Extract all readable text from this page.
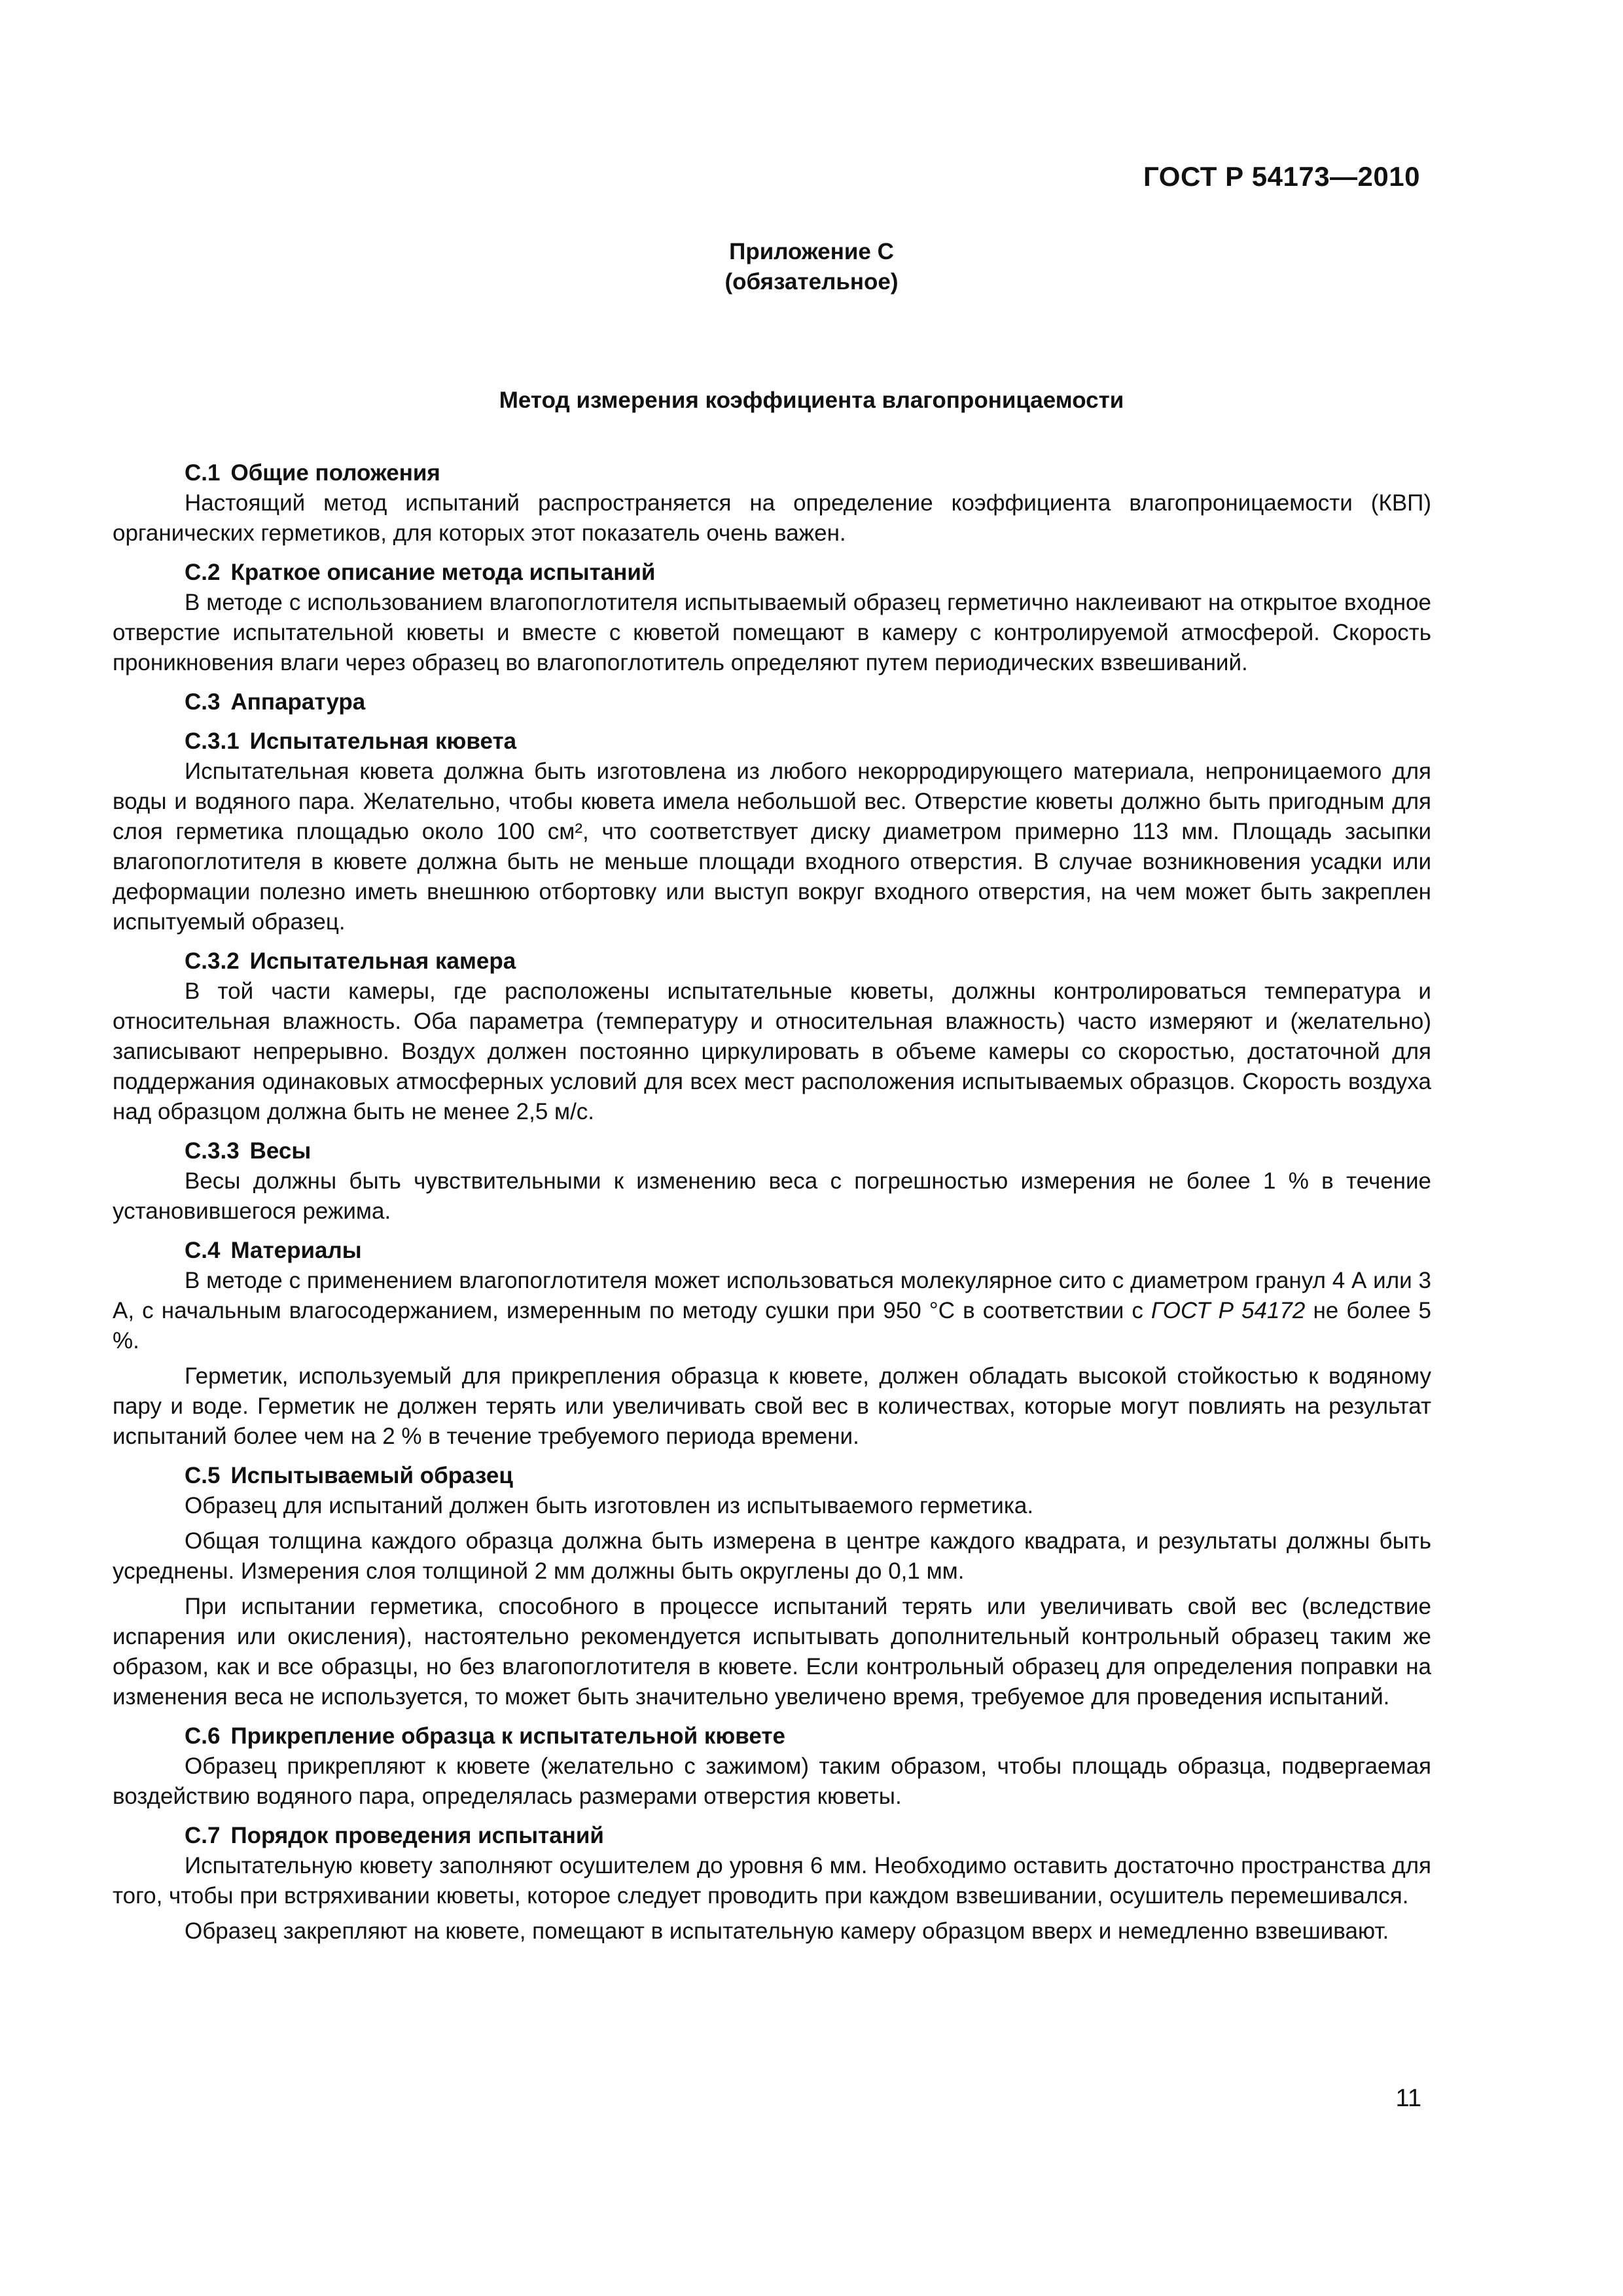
ГОСТ Р 54173—2010
Приложение С
(обязательное)
Метод измерения коэффициента влагопроницаемости

С.1 Общие положения

Настоящий метод испытаний распространяется на определение коэффициента влагопроницаемости (КВП) органических герметиков, для которых этот показатель очень важен.

С.2 Краткое описание метода испытаний

В методе с использованием влагопоглотителя испытываемый образец герметично наклеивают на открытое входное отверстие испытательной кюветы и вместе с кюветой помещают в камеру с контролируемой атмосферой. Скорость проникновения влаги через образец во влагопоглотитель определяют путем периодических взвешиваний.

С.3 Аппаратура

С.3.1 Испытательная кювета

Испытательная кювета должна быть изготовлена из любого некорродирующего материала, непроницаемого для воды и водяного пара. Желательно, чтобы кювета имела небольшой вес. Отверстие кюветы должно быть пригодным для слоя герметика площадью около 100 см², что соответствует диску диаметром примерно 113 мм. Площадь засыпки влагопоглотителя в кювете должна быть не меньше площади входного отверстия. В случае возникновения усадки или деформации полезно иметь внешнюю отбортовку или выступ вокруг входного отверстия, на чем может быть закреплен испытуемый образец.

С.3.2 Испытательная камера

В той части камеры, где расположены испытательные кюветы, должны контролироваться температура и относительная влажность. Оба параметра (температуру и относительная влажность) часто измеряют и (желательно) записывают непрерывно. Воздух должен постоянно циркулировать в объеме камеры со скоростью, достаточной для поддержания одинаковых атмосферных условий для всех мест расположения испытываемых образцов. Скорость воздуха над образцом должна быть не менее 2,5 м/с.

С.3.3 Весы

Весы должны быть чувствительными к изменению веса с погрешностью измерения не более 1 % в течение установившегося режима.

С.4 Материалы

В методе с применением влагопоглотителя может использоваться молекулярное сито с диаметром гранул 4 А или 3 А, с начальным влагосодержанием, измеренным по методу сушки при 950 °С в соответствии с ГОСТ Р 54172 не более 5 %.

Герметик, используемый для прикрепления образца к кювете, должен обладать высокой стойкостью к водяному пару и воде. Герметик не должен терять или увеличивать свой вес в количествах, которые могут повлиять на результат испытаний более чем на 2 % в течение требуемого периода времени.

С.5 Испытываемый образец

Образец для испытаний должен быть изготовлен из испытываемого герметика.

Общая толщина каждого образца должна быть измерена в центре каждого квадрата, и результаты должны быть усреднены. Измерения слоя толщиной 2 мм должны быть округлены до 0,1 мм.

При испытании герметика, способного в процессе испытаний терять или увеличивать свой вес (вследствие испарения или окисления), настоятельно рекомендуется испытывать дополнительный контрольный образец таким же образом, как и все образцы, но без влагопоглотителя в кювете. Если контрольный образец для определения поправки на изменения веса не используется, то может быть значительно увеличено время, требуемое для проведения испытаний.

С.6 Прикрепление образца к испытательной кювете

Образец прикрепляют к кювете (желательно с зажимом) таким образом, чтобы площадь образца, подвергаемая воздействию водяного пара, определялась размерами отверстия кюветы.

С.7 Порядок проведения испытаний

Испытательную кювету заполняют осушителем до уровня 6 мм. Необходимо оставить достаточно пространства для того, чтобы при встряхивании кюветы, которое следует проводить при каждом взвешивании, осушитель перемешивался.

Образец закрепляют на кювете, помещают в испытательную камеру образцом вверх и немедленно взвешивают.

11
